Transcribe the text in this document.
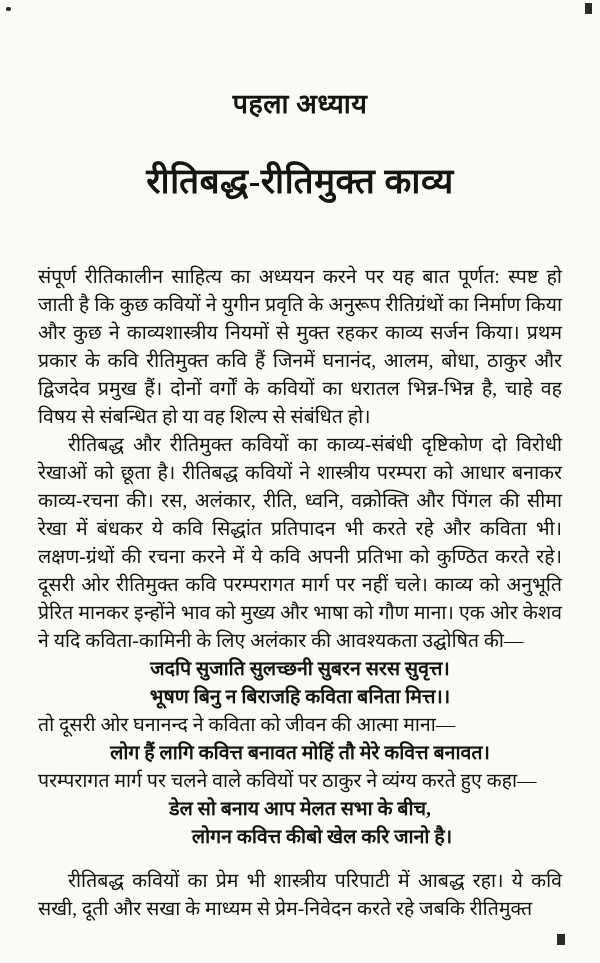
पहला अध्याय
रीतिबद्ध-रीतिमुक्त काव्य

संपूर्ण रीतिकालीन साहित्य का अध्ययन करने पर यह बात पूर्णत: स्पष्ट हो जाती है कि कुछ कवियों ने युगीन प्रवृति के अनुरूप रीतिग्रंथों का निर्माण किया और कुछ ने काव्यशास्त्रीय नियमों से मुक्त रहकर काव्य सर्जन किया। प्रथम प्रकार के कवि रीतिमुक्त कवि हैं जिनमें घनानंद, आलम, बोधा, ठाकुर और द्विजदेव प्रमुख हैं। दोनों वर्गों के कवियों का धरातल भिन्न-भिन्न है, चाहे वह विषय से संबन्धित हो या वह शिल्प से संबंधित हो।

रीतिबद्ध और रीतिमुक्त कवियों का काव्य-संबंधी दृष्टिकोण दो विरोधी रेखाओं को छूता है। रीतिबद्ध कवियों ने शास्त्रीय परम्परा को आधार बनाकर काव्य-रचना की। रस, अलंकार, रीति, ध्वनि, वक्रोक्ति और पिंगल की सीमा रेखा में बंधकर ये कवि सिद्धांत प्रतिपादन भी करते रहे और कविता भी। लक्षण-ग्रंथों की रचना करने में ये कवि अपनी प्रतिभा को कुण्ठित करते रहे। दूसरी ओर रीतिमुक्त कवि परम्परागत मार्ग पर नहीं चले। काव्य को अनुभूति प्रेरित मानकर इन्होंने भाव को मुख्य और भाषा को गौण माना। एक ओर केशव ने यदि कविता-कामिनी के लिए अलंकार की आवश्यकता उद्घोषित की—

जदपि सुजाति सुलच्छनी सुबरन सरस सुवृत्त।
भूषण बिनु न बिराजहि कविता बनिता मित्त।।
तो दूसरी ओर घनानन्द ने कविता को जीवन की आत्मा माना—
लोग हैं लागि कवित्त बनावत मोहिं तौ मेरे कवित्त बनावत।
परम्परागत मार्ग पर चलने वाले कवियों पर ठाकुर ने व्यंग्य करते हुए कहा—
डेल सो बनाय आप मेलत सभा के बीच,
लोगन कवित्त कीबो खेल करि जानो है।

रीतिबद्ध कवियों का प्रेम भी शास्त्रीय परिपाटी में आबद्ध रहा। ये कवि सखी, दूती और सखा के माध्यम से प्रेम-निवेदन करते रहे जबकि रीतिमुक्त
